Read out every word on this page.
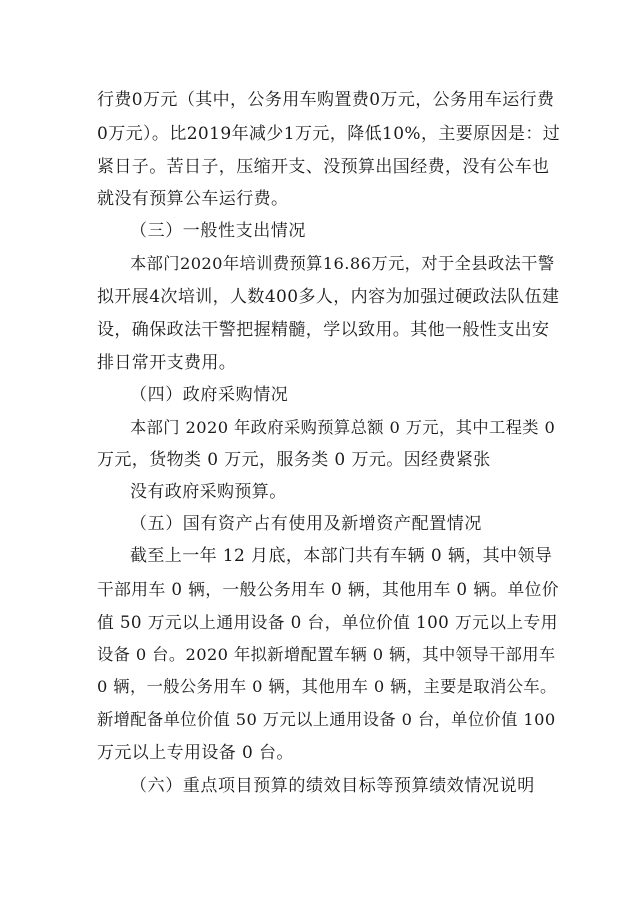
行费0万元（其中，公务用车购置费0万元，公务用车运行费
0万元）。比2019年减少1万元，降低10%，主要原因是：过
紧日子。苦日子，压缩开支、没预算出国经费，没有公车也
就没有预算公车运行费。
（三）一般性支出情况
本部门2020年培训费预算16.86万元，对于全县政法干警
拟开展4次培训，人数400多人，内容为加强过硬政法队伍建
设，确保政法干警把握精髓，学以致用。其他一般性支出安
排日常开支费用。
（四）政府采购情况
本部门 2020 年政府采购预算总额 0 万元，其中工程类 0
万元，货物类 0 万元，服务类 0 万元。因经费紧张
没有政府采购预算。
（五）国有资产占有使用及新增资产配置情况
截至上一年 12 月底，本部门共有车辆 0 辆，其中领导
干部用车 0 辆，一般公务用车 0 辆，其他用车 0 辆。单位价
值 50 万元以上通用设备 0 台，单位价值 100 万元以上专用
设备 0 台。2020 年拟新增配置车辆 0 辆，其中领导干部用车
0 辆，一般公务用车 0 辆，其他用车 0 辆，主要是取消公车。
新增配备单位价值 50 万元以上通用设备 0 台，单位价值 100
万元以上专用设备 0 台。
（六）重点项目预算的绩效目标等预算绩效情况说明
